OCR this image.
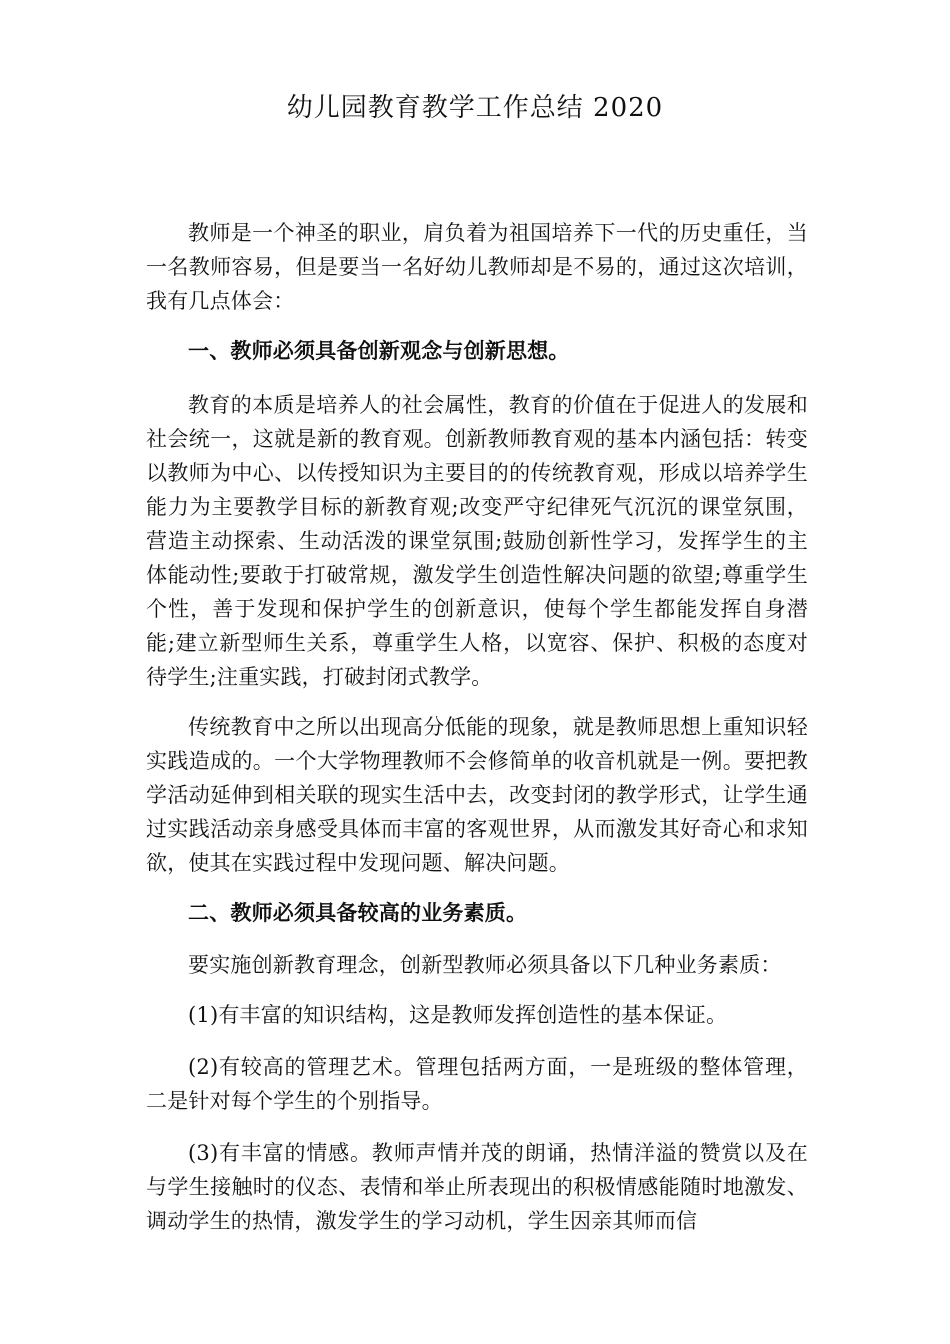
幼儿园教育教学工作总结 2020

教师是一个神圣的职业，肩负着为祖国培养下一代的历史重任，当一名教师容易，但是要当一名好幼儿教师却是不易的，通过这次培训，我有几点体会：

一、教师必须具备创新观念与创新思想。

教育的本质是培养人的社会属性，教育的价值在于促进人的发展和社会统一，这就是新的教育观。创新教师教育观的基本内涵包括：转变以教师为中心、以传授知识为主要目的的传统教育观，形成以培养学生能力为主要教学目标的新教育观;改变严守纪律死气沉沉的课堂氛围，营造主动探索、生动活泼的课堂氛围;鼓励创新性学习，发挥学生的主体能动性;要敢于打破常规，激发学生创造性解决问题的欲望;尊重学生个性，善于发现和保护学生的创新意识，使每个学生都能发挥自身潜能;建立新型师生关系，尊重学生人格，以宽容、保护、积极的态度对待学生;注重实践，打破封闭式教学。

传统教育中之所以出现高分低能的现象，就是教师思想上重知识轻实践造成的。一个大学物理教师不会修简单的收音机就是一例。要把教学活动延伸到相关联的现实生活中去，改变封闭的教学形式，让学生通过实践活动亲身感受具体而丰富的客观世界，从而激发其好奇心和求知欲，使其在实践过程中发现问题、解决问题。

二、教师必须具备较高的业务素质。

要实施创新教育理念，创新型教师必须具备以下几种业务素质：

(1)有丰富的知识结构，这是教师发挥创造性的基本保证。

(2)有较高的管理艺术。管理包括两方面，一是班级的整体管理，二是针对每个学生的个别指导。

(3)有丰富的情感。教师声情并茂的朗诵，热情洋溢的赞赏以及在与学生接触时的仪态、表情和举止所表现出的积极情感能随时地激发、调动学生的热情，激发学生的学习动机，学生因亲其师而信
